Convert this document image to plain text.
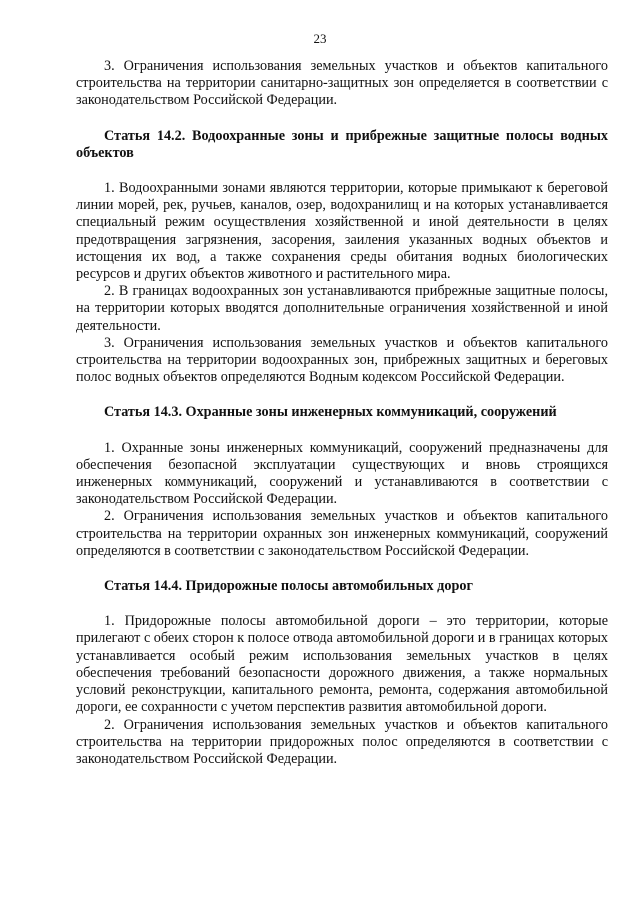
23

3. Ограничения использования земельных участков и объектов капитального строительства на территории санитарно-защитных зон определяется в соответствии с законодательством Российской Федерации.

Статья 14.2. Водоохранные зоны и прибрежные защитные полосы водных объектов

1. Водоохранными зонами являются территории, которые примыкают к береговой линии морей, рек, ручьев, каналов, озер, водохранилищ и на которых устанавливается специальный режим осуществления хозяйственной и иной деятельности в целях предотвращения загрязнения, засорения, заиления указанных водных объектов и истощения их вод, а также сохранения среды обитания водных биологических ресурсов и других объектов животного и растительного мира.

2. В границах водоохранных зон устанавливаются прибрежные защитные полосы, на территории которых вводятся дополнительные ограничения хозяйственной и иной деятельности.

3. Ограничения использования земельных участков и объектов капитального строительства на территории водоохранных зон, прибрежных защитных и береговых полос водных объектов определяются Водным кодексом Российской Федерации.

Статья 14.3. Охранные зоны инженерных коммуникаций, сооружений

1. Охранные зоны инженерных коммуникаций, сооружений предназначены для обеспечения безопасной эксплуатации существующих и вновь строящихся инженерных коммуникаций, сооружений и устанавливаются в соответствии с законодательством Российской Федерации.

2. Ограничения использования земельных участков и объектов капитального строительства на территории охранных зон инженерных коммуникаций, сооружений определяются в соответствии с законодательством Российской Федерации.

Статья 14.4. Придорожные полосы автомобильных дорог

1. Придорожные полосы автомобильной дороги – это территории, которые прилегают с обеих сторон к полосе отвода автомобильной дороги и в границах которых устанавливается особый режим использования земельных участков в целях обеспечения требований безопасности дорожного движения, а также нормальных условий реконструкции, капитального ремонта, ремонта, содержания автомобильной дороги, ее сохранности с учетом перспектив развития автомобильной дороги.

2. Ограничения использования земельных участков и объектов капитального строительства на территории придорожных полос определяются в соответствии с законодательством Российской Федерации.
